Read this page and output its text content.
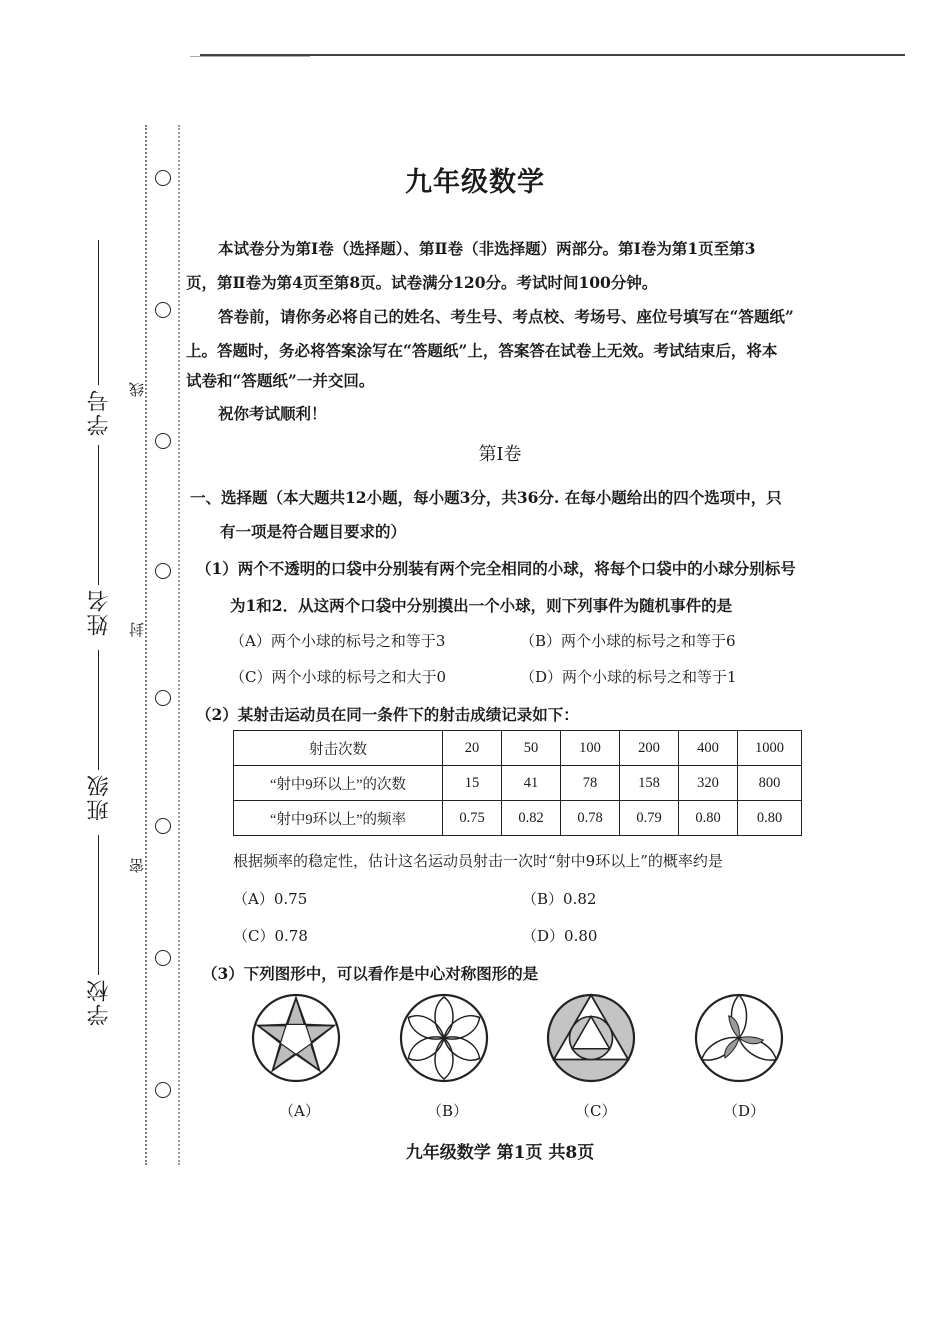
学号
姓名
班级
学校
线
封
密
九年级数学
本试卷分为第Ⅰ卷（选择题）、第Ⅱ卷（非选择题）两部分。第Ⅰ卷为第1页至第3
页，第Ⅱ卷为第4页至第8页。试卷满分120分。考试时间100分钟。
答卷前，请你务必将自己的姓名、考生号、考点校、考场号、座位号填写在“答题纸”
上。答题时，务必将答案涂写在“答题纸”上，答案答在试卷上无效。考试结束后，将本
试卷和“答题纸”一并交回。
祝你考试顺利！
第Ⅰ卷
一、选择题（本大题共12小题，每小题3分，共36分. 在每小题给出的四个选项中，只
有一项是符合题目要求的）
（1）两个不透明的口袋中分别装有两个完全相同的小球，将每个口袋中的小球分别标号
为1和2．从这两个口袋中分别摸出一个小球，则下列事件为随机事件的是
（A）两个小球的标号之和等于3	（B）两个小球的标号之和等于6
（C）两个小球的标号之和大于0	（D）两个小球的标号之和等于1
（2）某射击运动员在同一条件下的射击成绩记录如下：
射击次数	20	50	100	200	400	1000
“射中9环以上”的次数	15	41	78	158	320	800
“射中9环以上”的频率	0.75	0.82	0.78	0.79	0.80	0.80
根据频率的稳定性，估计这名运动员射击一次时“射中9环以上”的概率约是
（A）0.75	（B）0.82
（C）0.78	（D）0.80
（3）下列图形中，可以看作是中心对称图形的是
（A）	（B）	（C）	（D）
九年级数学 第1页 共8页
